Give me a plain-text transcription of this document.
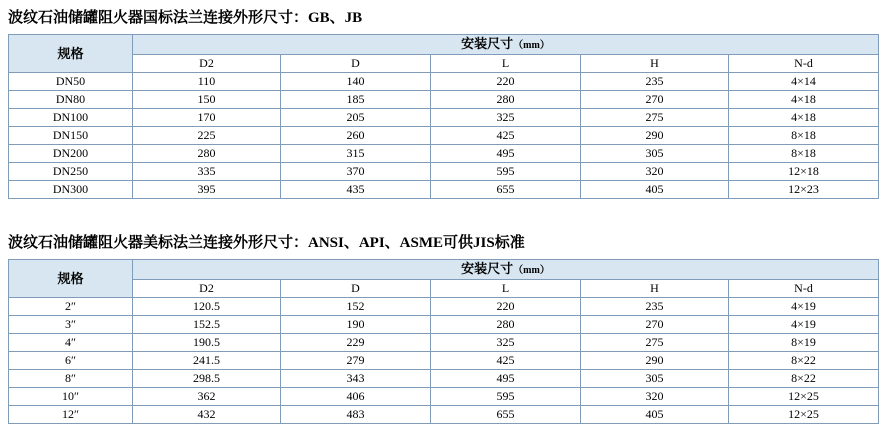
波纹石油储罐阻火器国标法兰连接外形尺寸：GB、JB
规格	安装尺寸（mm）				
	D2	D	L	H	N-d
DN50	110	140	220	235	4×14
DN80	150	185	280	270	4×18
DN100	170	205	325	275	4×18
DN150	225	260	425	290	8×18
DN200	280	315	495	305	8×18
DN250	335	370	595	320	12×18
DN300	395	435	655	405	12×23
波纹石油储罐阻火器美标法兰连接外形尺寸：ANSI、API、ASME可供JIS标准
规格	安装尺寸（mm）				
	D2	D	L	H	N-d
2″	120.5	152	220	235	4×19
3″	152.5	190	280	270	4×19
4″	190.5	229	325	275	8×19
6″	241.5	279	425	290	8×22
8″	298.5	343	495	305	8×22
10″	362	406	595	320	12×25
12″	432	483	655	405	12×25
